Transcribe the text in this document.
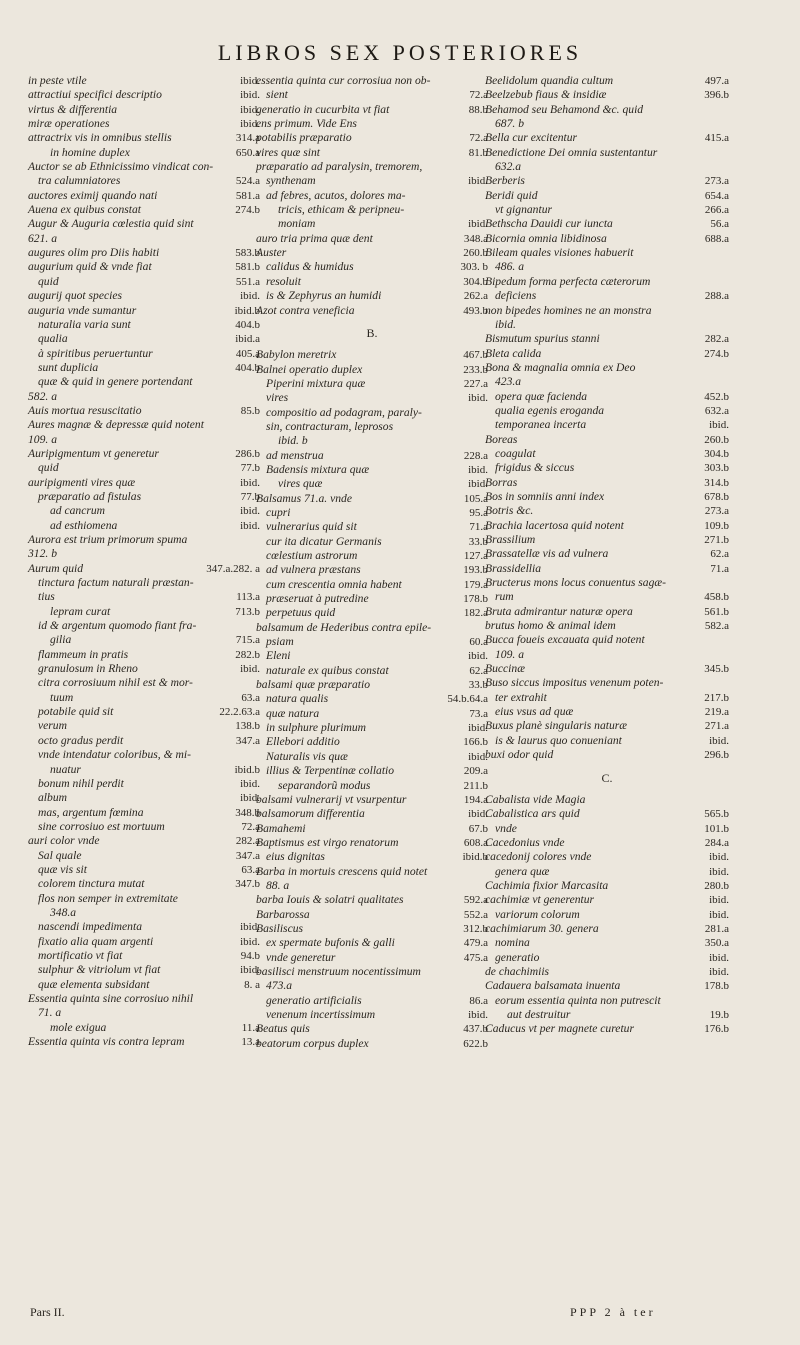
LIBROS SEX POSTERIORES
in peste vtile	ibid.
attractiui specifici descriptio	ibid.
virtus & differentia	ibid.
miræ operationes	ibid.
attractrix vis in omnibus stellis	314.a
in homine duplex	650.a
Auctor se ab Ethnicissimo vindicat con-
tra calumniatores	524.a
auctores eximij quando nati	581.a
Auena ex quibus constat	274.b
Augur & Auguria cœlestia quid sint
621. a
augures olim pro Diis habiti	583.b
augurium quid & vnde fiat	581.b
quid	551.a
augurij quot species	ibid.
auguria vnde sumantur	ibid.b
naturalia varia sunt	404.b
qualia	ibid.a
à spiritibus peruertuntur	405.a
sunt duplicia	404.b
quæ & quid in genere portendant
582. a
Auis mortua resuscitatio	85.b
Aures magnæ & depressæ quid notent
109. a
Auripigmentum vt generetur	286.b
quid	77.b
auripigmenti vires quæ	ibid.
præparatio ad fistulas	77.b
ad cancrum	ibid.
ad esthiomena	ibid.
Aurora est trium primorum spuma
312. b
Aurum quid	347.a.282. a
tinctura factum naturali præstan-
tius	113.a
lepram curat	713.b
id & argentum quomodo fiant fra-
gilia	715.a
flammeum in pratis	282.b
granulosum in Rheno	ibid.
citra corrosiuum nihil est & mor-
tuum	63.a
potabile quid sit	22.2.63.a
verum	138.b
octo gradus perdit	347.a
vnde intendatur coloribus, & mi-
nuatur	ibid.b
bonum nihil perdit	ibid.
album	ibid.
mas, argentum fœmina	348.b
sine corrosiuo est mortuum	72.a
auri color vnde	282.a
Sal quale	347.a
quæ vis sit	63.a
colorem tinctura mutat	347.b
flos non semper in extremitate
348.a
nascendi impedimenta	ibid.
fixatio alia quam argenti	ibid.
mortificatio vt fiat	94.b
sulphur & vitriolum vt fiat	ibid.
quæ elementa subsidant	8. a
Essentia quinta sine corrosiuo nihil
71. a
mole exigua	11.a
Essentia quinta vis contra lepram	13.a
essentia quinta cur corrosiua non ob-
sient	72.a
generatio in cucurbita vt fiat	88.b
ens primum. Vide Ens
potabilis præparatio	72.a
vires quæ sint	81.b
præparatio ad paralysin, tremorem,
synthenam	ibid.
ad febres, acutos, dolores ma-
tricis, ethicam & peripneu-
moniam	ibid.
auro tria prima quæ dent	348.a
Auster	260.b
calidus & humidus	303. b
resoluit	304.b
is & Zephyrus an humidi	262.a
Azot contra veneficia	493.b
B.
Babylon meretrix	467.b
Balnei operatio duplex	233.b
Piperini mixtura quæ	227.a
vires	ibid.
compositio ad podagram, paraly-
sin, contracturam, leprosos
ibid. b
ad menstrua	228.a
Badensis mixtura quæ	ibid.
vires quæ	ibid.
Balsamus 71.a. vnde	105.a
cupri	95.a
vulnerarius quid sit	71.a
cur ita dicatur Germanis	33.b
cœlestium astrorum	127.a
ad vulnera præstans	193.b
cum crescentia omnia habent	179.a
præseruat à putredine	178.b
perpetuus quid	182.a
balsamum de Hederibus contra epile-
psiam	60.a
Eleni	ibid.
naturale ex quibus constat	62.a
balsami quæ præparatio	33.b
natura qualis	54.b.64.a
quæ natura	73.a
in sulphure plurimum	ibid.
Ellebori additio	166.b
Naturalis vis quæ	ibid.
illius & Terpentinæ collatio	209.a
separandorũ modus	211.b
balsami vulnerarij vt vsurpentur	194.a
balsamorum differentia	ibid.
Bamahemi	67.b
Baptismus est virgo renatorum	608.a
eius dignitas	ibid.b
Barba in mortuis crescens quid notet
88. a
barba Iouis & solatri qualitates	592.a
Barbarossa	552.a
Basiliscus	312.b
ex spermate bufonis & galli	479.a
vnde generetur	475.a
basilisci menstruum nocentissimum
473.a
generatio artificialis	86.a
venenum incertissimum	ibid.
Beatus quis	437.b
beatorum corpus duplex	622.b
Beelidolum quandia cultum	497.a
Beelzebub fiaus & insidiæ	396.b
Behamod seu Behamond &c. quid
687. b
Bella cur excitentur	415.a
Benedictione Dei omnia sustentantur
632.a
Berberis	273.a
Beridi quid	654.a
vt gignantur	266.a
Bethscha Dauidi cur iuncta	56.a
Bicornia omnia libidinosa	688.a
Bileam quales visiones habuerit
486. a
Bipedum forma perfecta cæterorum
deficiens	288.a
non bipedes homines ne an monstra
ibid.
Bismutum spurius stanni	282.a
Bleta calida	274.b
Bona & magnalia omnia ex Deo
423.a
opera quæ facienda	452.b
qualia egenis eroganda	632.a
temporanea incerta	ibid.
Boreas	260.b
coagulat	304.b
frigidus & siccus	303.b
Borras	314.b
Bos in somniis anni index	678.b
Botris &c.	273.a
Brachia lacertosa quid notent	109.b
Brassilium	271.b
Brassatellæ vis ad vulnera	62.a
Brassidellia	71.a
Bructerus mons locus conuentus sagæ-
rum	458.b
Bruta admirantur naturæ opera	561.b
brutus homo & animal idem	582.a
Bucca foueis excauata quid notent
109. a
Buccinæ	345.b
Buso siccus impositus venenum poten-
ter extrahit	217.b
eius vsus ad quæ	219.a
Buxus planè singularis naturæ	271.a
is & laurus quo conueniant	ibid.
buxi odor quid	296.b
C.
Cabalista vide Magia
Cabalistica ars quid	565.b
vnde	101.b
Cacedonius vnde	284.a
cacedonij colores vnde	ibid.
genera quæ	ibid.
Cachimia fixior Marcasita	280.b
cachimiæ vt generentur	ibid.
variorum colorum	ibid.
cachimiarum 30. genera	281.a
nomina	350.a
generatio	ibid.
de chachimiis	ibid.
Cadauera balsamata inuenta	178.b
eorum essentia quinta non putrescit
aut destruitur	19.b
Caducus vt per magnete curetur	176.b
Pars II.	PPP 2 à ter
